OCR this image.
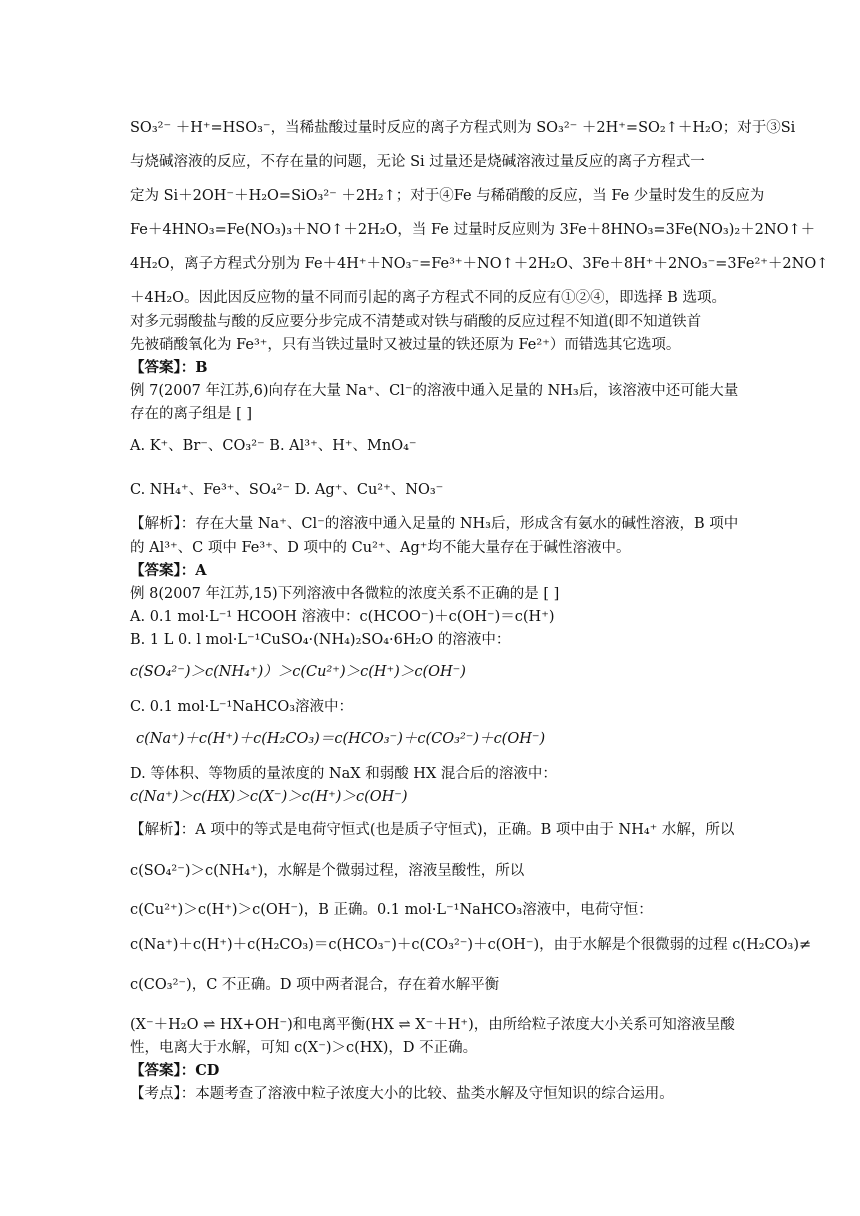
SO₃²⁻ ＋H⁺=HSO₃⁻，当稀盐酸过量时反应的离子方程式则为 SO₃²⁻ ＋2H⁺=SO₂↑＋H₂O；对于③Si
与烧碱溶液的反应，不存在量的问题，无论 Si 过量还是烧碱溶液过量反应的离子方程式一
定为 Si＋2OH⁻＋H₂O=SiO₃²⁻ ＋2H₂↑；对于④Fe 与稀硝酸的反应，当 Fe 少量时发生的反应为
Fe＋4HNO₃=Fe(NO₃)₃＋NO↑＋2H₂O，当 Fe 过量时反应则为 3Fe＋8HNO₃=3Fe(NO₃)₂＋2NO↑＋
4H₂O，离子方程式分别为 Fe＋4H⁺＋NO₃⁻=Fe³⁺＋NO↑＋2H₂O、3Fe＋8H⁺＋2NO₃⁻=3Fe²⁺＋2NO↑
＋4H₂O。因此因反应物的量不同而引起的离子方程式不同的反应有①②④，即选择 B 选项。
对多元弱酸盐与酸的反应要分步完成不清楚或对铁与硝酸的反应过程不知道(即不知道铁首
先被硝酸氧化为 Fe³⁺，只有当铁过量时又被过量的铁还原为 Fe²⁺）而错选其它选项。
【答案】：B
例 7(2007 年江苏,6)向存在大量 Na⁺、Cl⁻的溶液中通入足量的 NH₃后，该溶液中还可能大量
存在的离子组是 [ ]
A. K⁺、Br⁻、CO₃²⁻ B. Al³⁺、H⁺、MnO₄⁻
C. NH₄⁺、Fe³⁺、SO₄²⁻ D. Ag⁺、Cu²⁺、NO₃⁻
【解析】：存在大量 Na⁺、Cl⁻的溶液中通入足量的 NH₃后，形成含有氨水的碱性溶液，B 项中
的 Al³⁺、C 项中 Fe³⁺、D 项中的 Cu²⁺、Ag⁺均不能大量存在于碱性溶液中。
【答案】：A
例 8(2007 年江苏,15)下列溶液中各微粒的浓度关系不正确的是 [ ]
A. 0.1 mol·L⁻¹ HCOOH 溶液中：c(HCOO⁻)＋c(OH⁻)＝c(H⁺)
B. 1 L 0. l mol·L⁻¹CuSO₄·(NH₄)₂SO₄·6H₂O 的溶液中：
c(SO₄²⁻)＞c(NH₄⁺)）＞c(Cu²⁺)＞c(H⁺)＞c(OH⁻)
C. 0.1 mol·L⁻¹NaHCO₃溶液中：
c(Na⁺)＋c(H⁺)＋c(H₂CO₃)＝c(HCO₃⁻)＋c(CO₃²⁻)＋c(OH⁻)
D. 等体积、等物质的量浓度的 NaX 和弱酸 HX 混合后的溶液中：
c(Na⁺)＞c(HX)＞c(X⁻)＞c(H⁺)＞c(OH⁻)
【解析】：A 项中的等式是电荷守恒式(也是质子守恒式)，正确。B 项中由于 NH₄⁺ 水解，所以
c(SO₄²⁻)＞c(NH₄⁺)，水解是个微弱过程，溶液呈酸性，所以
c(Cu²⁺)＞c(H⁺)＞c(OH⁻)，B 正确。0.1 mol·L⁻¹NaHCO₃溶液中，电荷守恒：
c(Na⁺)＋c(H⁺)＋c(H₂CO₃)＝c(HCO₃⁻)＋c(CO₃²⁻)＋c(OH⁻)，由于水解是个很微弱的过程 c(H₂CO₃)≠
c(CO₃²⁻)，C 不正确。D 项中两者混合，存在着水解平衡
(X⁻＋H₂O ⇌ HX+OH⁻)和电离平衡(HX ⇌ X⁻＋H⁺)，由所给粒子浓度大小关系可知溶液呈酸
性，电离大于水解，可知 c(X⁻)＞c(HX)，D 不正确。
【答案】：CD
【考点】：本题考查了溶液中粒子浓度大小的比较、盐类水解及守恒知识的综合运用。
